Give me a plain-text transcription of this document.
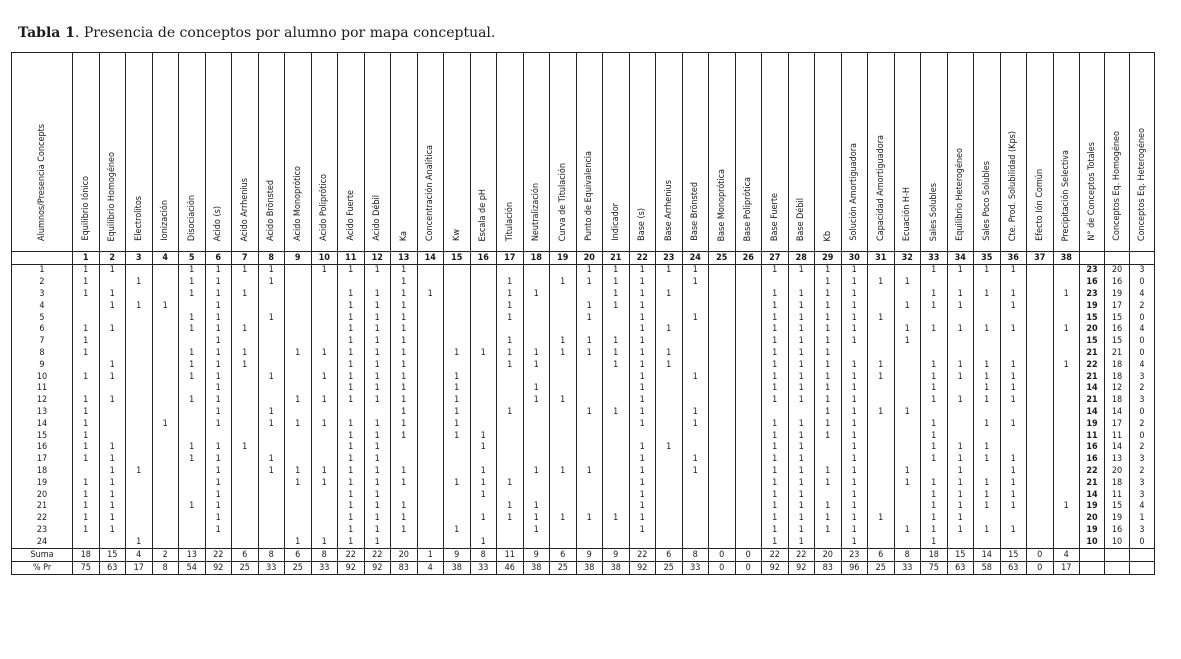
Tabla 1. Presencia de conceptos por alumno por mapa conceptual.
Alumnos/Presencia Concepts	Equilibrio Iónico	Equilibrio Homogéneo	Electrolitos	Ionización	Disociación	Acido (s)	Acido Arrhenius	Acido Brönsted	Acido Monoprótico	Acido Poliprótico	Acido Fuerte	Acido Débil	Ka	Concentración Analítica	Kw	Escala de pH	Titulación	Neutralización	Curva de Titulación	Punto de Equivalencia	Indicador	Base (s)	Base Arrhenius	Base Brönsted	Base Monoprótica	Base Poliprótica	Base Fuerte	Base Débil	Kb	Solución Amortiguadora	Capacidad Amortiguadora	Ecuación H-H	Sales Solubles	Equilibrio Heterogéneo	Sales Poco Solubles	Cte. Prod. Solubilidad (Kps)	Efecto Ión Común	Precipitación Selectiva	N° de Conceptos Totales	Conceptos Eq. Homogéneo	Conceptos Eq. Heterogéneo
	1	2	3	4	5	6	7	8	9	10	11	12	13	14	15	16	17	18	19	20	21	22	23	24	25	26	27	28	29	30	31	32	33	34	35	36	37	38			
1	1	1			1	1	1	1		1	1	1	1							1	1	1	1	1			1	1	1	1			1	1	1	1			23	20	3
2	1		1		1	1		1					1				1		1	1	1	1		1					1	1	1	1							16	16	0
3	1	1			1	1	1				1	1	1	1			1	1			1	1	1				1	1	1	1			1	1	1	1		1	23	19	4
4		1	1	1		1					1	1	1				1			1	1	1					1	1	1	1		1	1	1		1			19	17	2
5					1	1		1			1	1	1				1			1		1		1			1	1	1	1	1								15	15	0
6	1	1			1	1	1				1	1	1									1	1				1	1	1	1		1	1	1	1	1		1	20	16	4
7	1					1					1	1	1				1		1	1	1	1					1	1	1	1		1							15	15	0
8	1				1	1	1		1	1	1	1	1		1	1	1	1	1	1	1	1	1				1	1	1										21	21	0
9		1			1	1	1				1	1	1				1	1			1	1	1				1	1	1	1	1		1	1	1	1		1	22	18	4
10	1	1			1	1		1		1	1	1	1		1							1		1			1	1	1	1	1		1	1	1	1			21	18	3
11						1					1	1	1		1			1				1					1	1	1	1			1		1	1			14	12	2
12	1	1			1	1			1	1	1	1	1		1			1	1			1					1	1	1	1			1	1	1	1			21	18	3
13	1					1		1					1		1		1			1	1	1		1					1	1	1	1							14	14	0
14	1			1		1		1	1	1	1	1	1		1							1		1			1	1	1	1			1		1	1			19	17	2
15	1										1	1	1		1	1											1	1	1	1			1						11	11	0
16	1	1			1	1	1				1	1				1						1	1				1	1		1			1	1	1				16	14	2
17	1	1			1	1		1			1	1										1		1			1	1		1			1	1	1	1			16	13	3
18		1	1			1		1	1	1	1	1	1			1		1	1	1		1		1			1	1	1	1		1		1		1			22	20	2
19	1	1				1			1	1	1	1	1		1	1	1					1					1	1	1	1		1	1	1	1	1			21	18	3
20	1	1				1					1	1				1						1					1	1		1			1	1	1	1			14	11	3
21	1	1			1	1					1	1	1				1	1				1					1	1	1	1			1	1	1	1		1	19	15	4
22	1	1				1					1	1	1			1	1	1	1	1	1	1					1	1	1	1	1		1	1					20	19	1
23	1	1				1					1	1	1		1			1				1					1	1	1	1		1	1	1	1	1			19	16	3
24			1						1	1	1	1				1											1	1		1			1						10	10	0
Suma	18	15	4	2	13	22	6	8	6	8	22	22	20	1	9	8	11	9	6	9	9	22	6	8	0	0	22	22	20	23	6	8	18	15	14	15	0	4			
% Pr	75	63	17	8	54	92	25	33	25	33	92	92	83	4	38	33	46	38	25	38	38	92	25	33	0	0	92	92	83	96	25	33	75	63	58	63	0	17			
